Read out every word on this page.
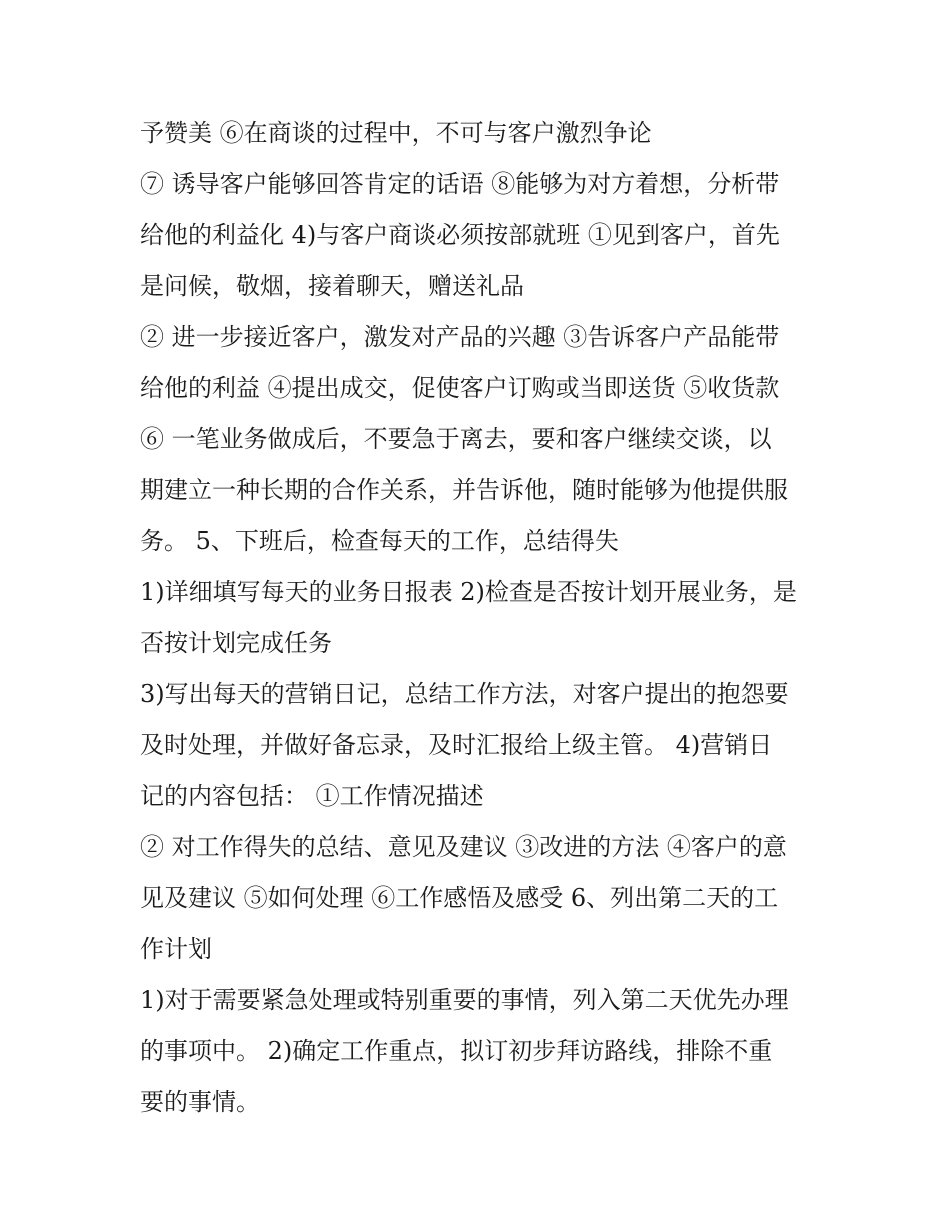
予赞美 ⑥在商谈的过程中，不可与客户激烈争论
⑦ 诱导客户能够回答肯定的话语 ⑧能够为对方着想，分析带
给他的利益化 4)与客户商谈必须按部就班 ①见到客户，首先
是问候，敬烟，接着聊天，赠送礼品
② 进一步接近客户，激发对产品的兴趣 ③告诉客户产品能带
给他的利益 ④提出成交，促使客户订购或当即送货 ⑤收货款
⑥ 一笔业务做成后，不要急于离去，要和客户继续交谈，以
期建立一种长期的合作关系，并告诉他，随时能够为他提供服
务。 5、下班后，检查每天的工作，总结得失
1)详细填写每天的业务日报表 2)检查是否按计划开展业务，是
否按计划完成任务
3)写出每天的营销日记，总结工作方法，对客户提出的抱怨要
及时处理，并做好备忘录，及时汇报给上级主管。 4)营销日
记的内容包括： ①工作情况描述
② 对工作得失的总结、意见及建议 ③改进的方法 ④客户的意
见及建议 ⑤如何处理 ⑥工作感悟及感受 6、列出第二天的工
作计划
1)对于需要紧急处理或特别重要的事情，列入第二天优先办理
的事项中。 2)确定工作重点，拟订初步拜访路线，排除不重
要的事情。
